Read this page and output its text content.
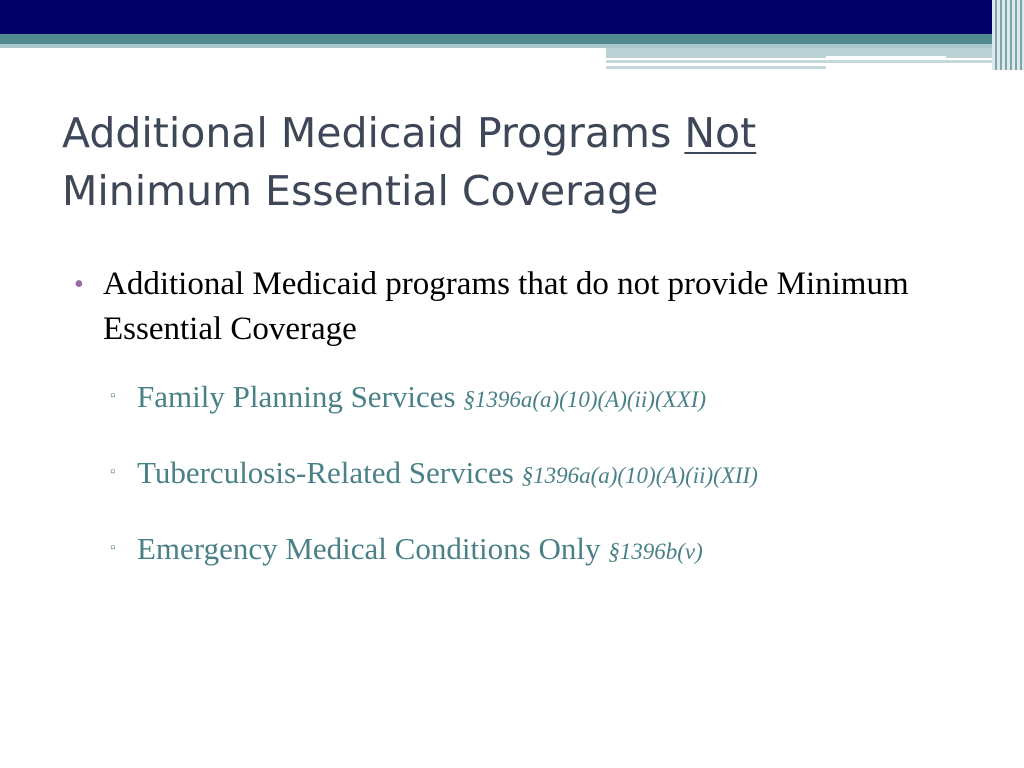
Additional Medicaid Programs Not
Minimum Essential Coverage
• Additional Medicaid programs that do not provide Minimum Essential Coverage
▫ Family Planning Services §1396a(a)(10)(A)(ii)(XXI)
▫ Tuberculosis-Related Services §1396a(a)(10)(A)(ii)(XII)
▫ Emergency Medical Conditions Only §1396b(v)
